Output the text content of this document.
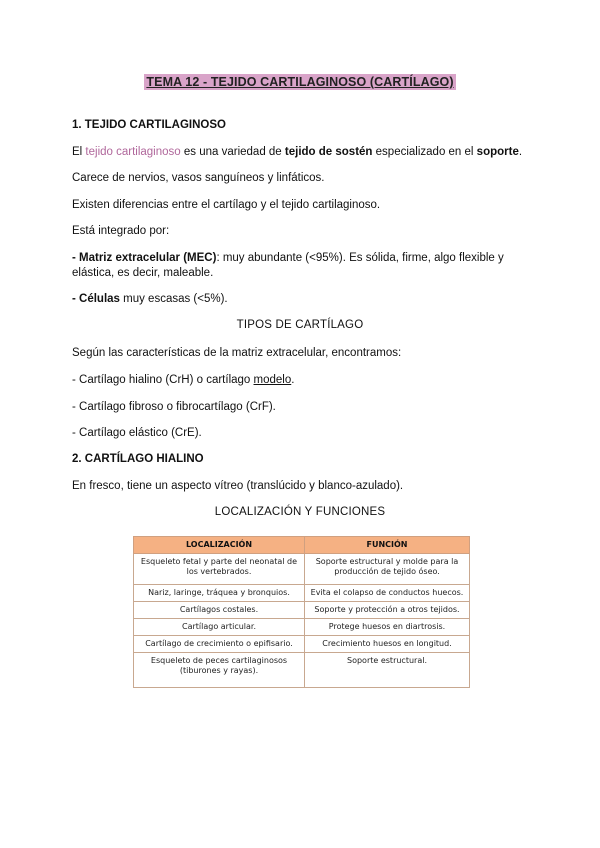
TEMA 12 - TEJIDO CARTILAGINOSO (CARTÍLAGO)
1. TEJIDO CARTILAGINOSO
El tejido cartilaginoso es una variedad de tejido de sostén especializado en el soporte.
Carece de nervios, vasos sanguíneos y linfáticos.
Existen diferencias entre el cartílago y el tejido cartilaginoso.
Está integrado por:
- Matriz extracelular (MEC): muy abundante (<95%). Es sólida, firme, algo flexible y
elástica, es decir, maleable.
- Células muy escasas (<5%).
TIPOS DE CARTÍLAGO
Según las características de la matriz extracelular, encontramos:
- Cartílago hialino (CrH) o cartílago modelo.
- Cartílago fibroso o fibrocartílago (CrF).
- Cartílago elástico (CrE).
2. CARTÍLAGO HIALINO
En fresco, tiene un aspecto vítreo (translúcido y blanco-azulado).
LOCALIZACIÓN Y FUNCIONES
LOCALIZACIÓN	FUNCIÓN
Esqueleto fetal y parte del neonatal de los vertebrados.	Soporte estructural y molde para la producción de tejido óseo.
Nariz, laringe, tráquea y bronquios.	Evita el colapso de conductos huecos.
Cartílagos costales.	Soporte y protección a otros tejidos.
Cartílago articular.	Protege huesos en diartrosis.
Cartílago de crecimiento o epifisario.	Crecimiento huesos en longitud.
Esqueleto de peces cartilaginosos (tiburones y rayas).	Soporte estructural.
